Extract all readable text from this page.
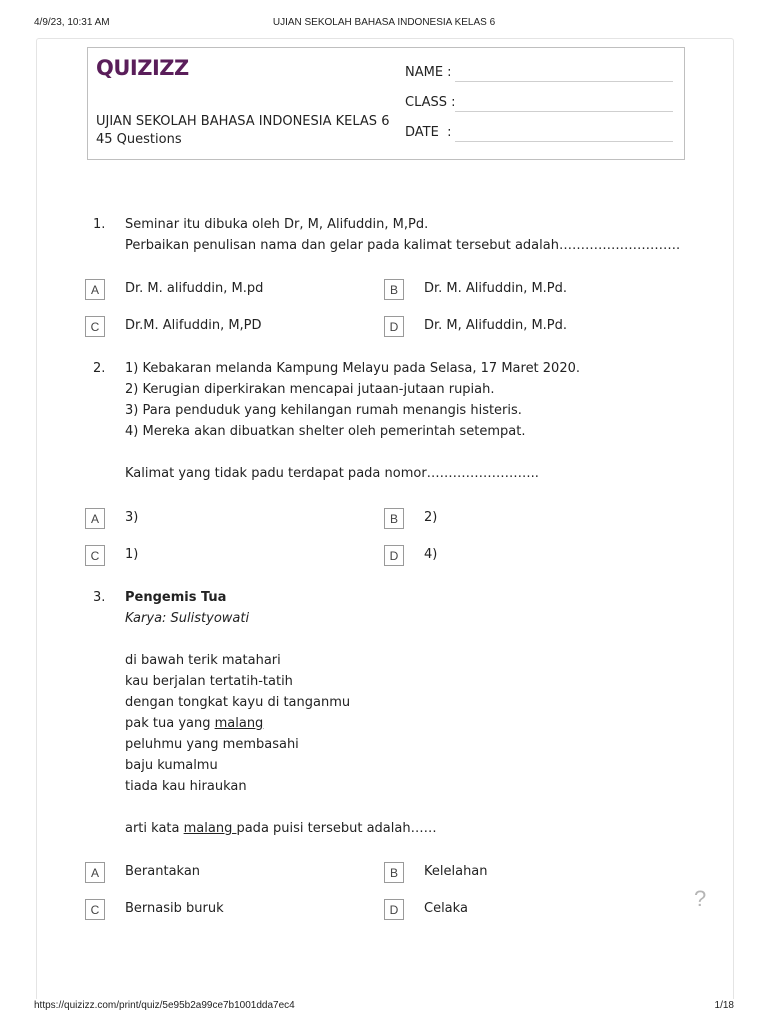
4/9/23, 10:31 AM	UJIAN SEKOLAH BAHASA INDONESIA KELAS 6
QUIZIZZ
UJIAN SEKOLAH BAHASA INDONESIA KELAS 6
45 Questions
NAME :
CLASS :
DATE  :
1. Seminar itu dibuka oleh Dr, M, Alifuddin, M,Pd.
Perbaikan penulisan nama dan gelar pada kalimat tersebut adalah……………………….
A	Dr. M. alifuddin, M.pd	B	Dr. M. Alifuddin, M.Pd.
C	Dr.M. Alifuddin, M,PD	D	Dr. M, Alifuddin, M.Pd.
2. 1) Kebakaran melanda Kampung Melayu pada Selasa, 17 Maret 2020.
2) Kerugian diperkirakan mencapai jutaan-jutaan rupiah.
3) Para penduduk yang kehilangan rumah menangis histeris.
4) Mereka akan dibuatkan shelter oleh pemerintah setempat.
Kalimat yang tidak padu terdapat pada nomor……………………..
A	3)	B	2)
C	1)	D	4)
3. Pengemis Tua
Karya: Sulistyowati
di bawah terik matahari
kau berjalan tertatih-tatih
dengan tongkat kayu di tanganmu
pak tua yang malang
peluhmu yang membasahi
baju kumalmu
tiada kau hiraukan
arti kata malang pada puisi tersebut adalah……
A	Berantakan	B	Kelelahan
C	Bernasib buruk	D	Celaka	?
https://quizizz.com/print/quiz/5e95b2a99ce7b1001dda7ec4	1/18
